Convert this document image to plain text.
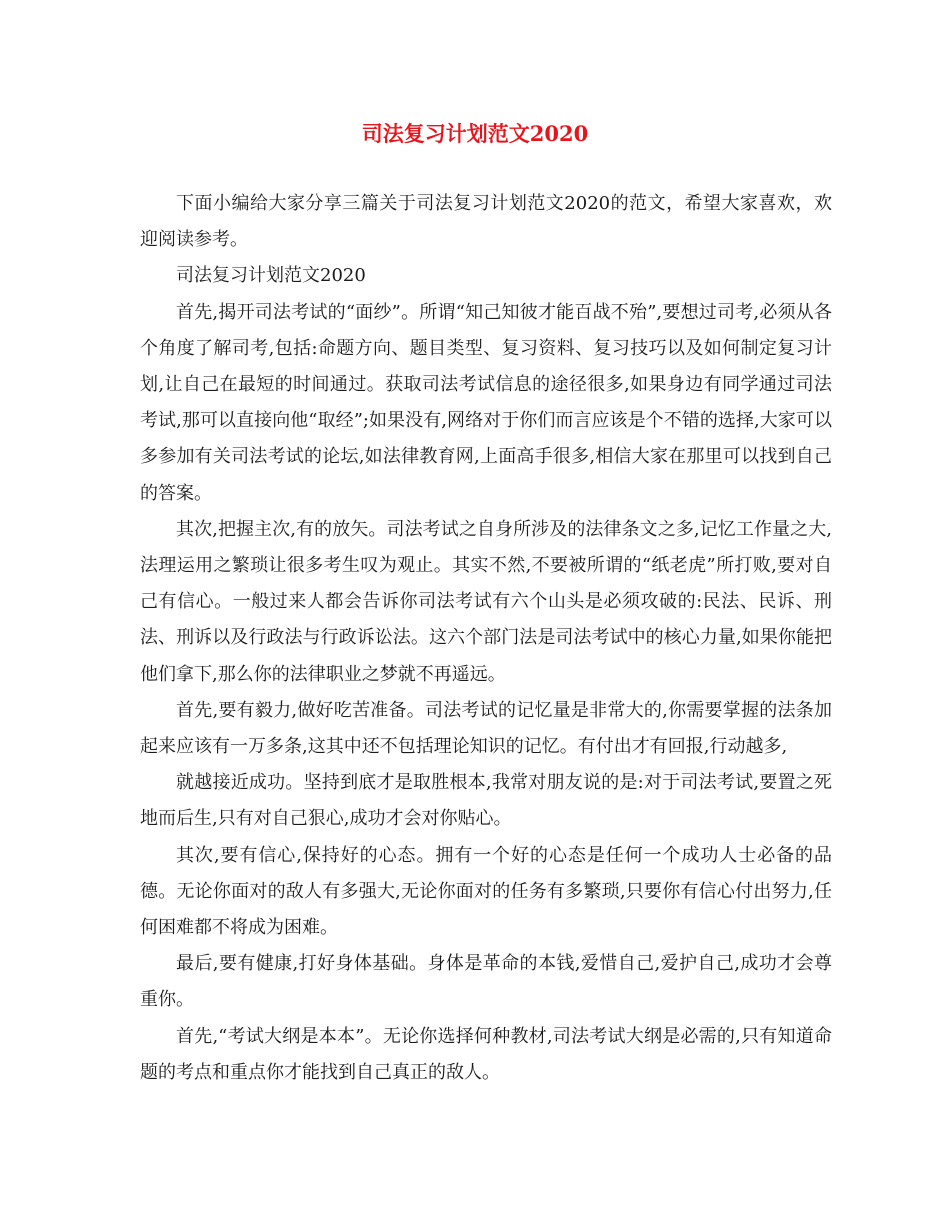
司法复习计划范文2020

下面小编给大家分享三篇关于司法复习计划范文2020的范文，希望大家喜欢，欢迎阅读参考。

司法复习计划范文2020

首先,揭开司法考试的“面纱”。所谓“知己知彼才能百战不殆”,要想过司考,必须从各个角度了解司考,包括:命题方向、题目类型、复习资料、复习技巧以及如何制定复习计划,让自己在最短的时间通过。获取司法考试信息的途径很多,如果身边有同学通过司法考试,那可以直接向他“取经”;如果没有,网络对于你们而言应该是个不错的选择,大家可以多参加有关司法考试的论坛,如法律教育网,上面高手很多,相信大家在那里可以找到自己的答案。

其次,把握主次,有的放矢。司法考试之自身所涉及的法律条文之多,记忆工作量之大,法理运用之繁琐让很多考生叹为观止。其实不然,不要被所谓的“纸老虎”所打败,要对自己有信心。一般过来人都会告诉你司法考试有六个山头是必须攻破的:民法、民诉、刑法、刑诉以及行政法与行政诉讼法。这六个部门法是司法考试中的核心力量,如果你能把他们拿下,那么你的法律职业之梦就不再遥远。

首先,要有毅力,做好吃苦准备。司法考试的记忆量是非常大的,你需要掌握的法条加起来应该有一万多条,这其中还不包括理论知识的记忆。有付出才有回报,行动越多,

就越接近成功。坚持到底才是取胜根本,我常对朋友说的是:对于司法考试,要置之死地而后生,只有对自己狠心,成功才会对你贴心。

其次,要有信心,保持好的心态。拥有一个好的心态是任何一个成功人士必备的品德。无论你面对的敌人有多强大,无论你面对的任务有多繁琐,只要你有信心付出努力,任何困难都不将成为困难。

最后,要有健康,打好身体基础。身体是革命的本钱,爱惜自己,爱护自己,成功才会尊重你。

首先,“考试大纲是本本”。无论你选择何种教材,司法考试大纲是必需的,只有知道命题的考点和重点你才能找到自己真正的敌人。
